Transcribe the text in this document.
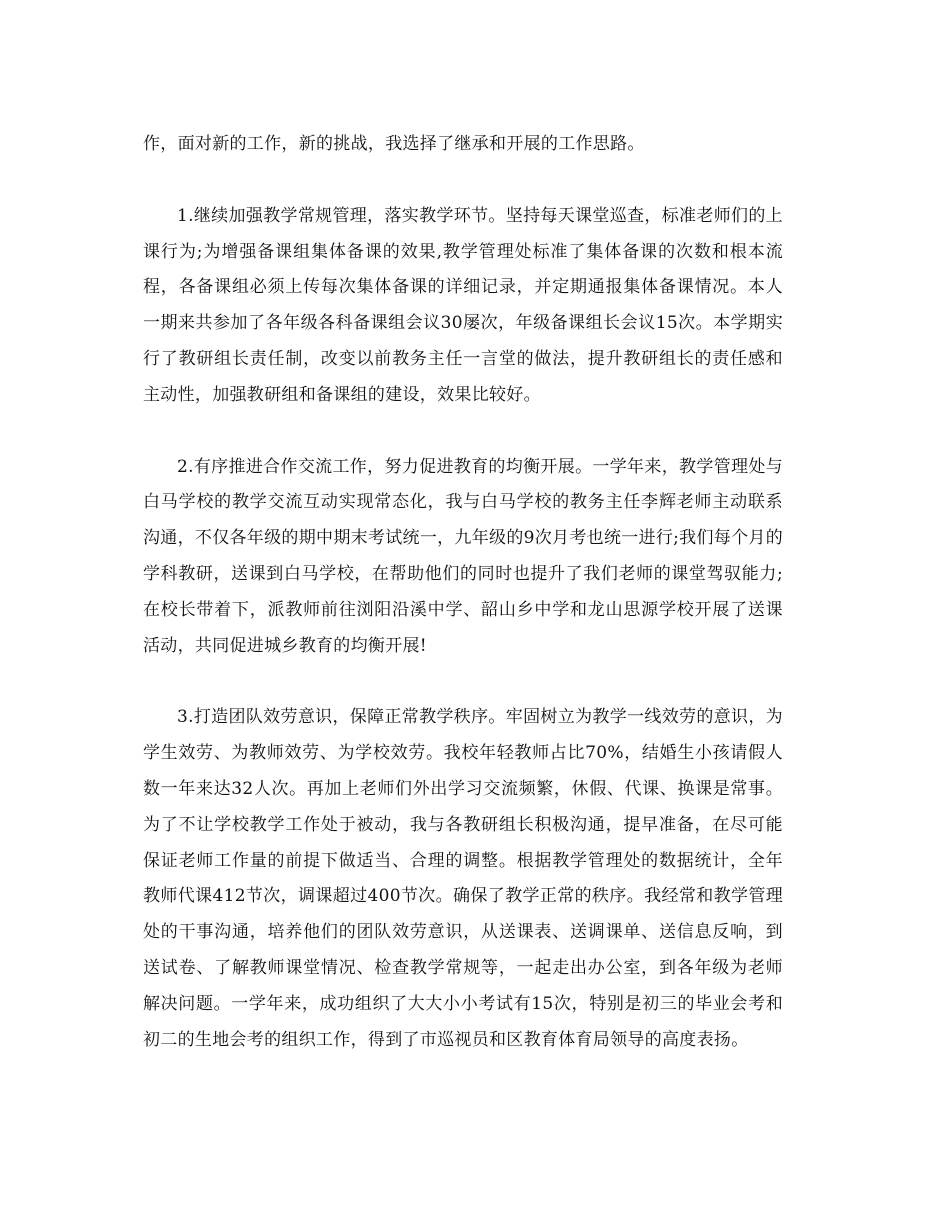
作，面对新的工作，新的挑战，我选择了继承和开展的工作思路。

1.继续加强教学常规管理，落实教学环节。坚持每天课堂巡查，标准老师们的上课行为;为增强备课组集体备课的效果,教学管理处标准了集体备课的次数和根本流程，各备课组必须上传每次集体备课的详细记录，并定期通报集体备课情况。本人一期来共参加了各年级各科备课组会议30屡次，年级备课组长会议15次。本学期实行了教研组长责任制，改变以前教务主任一言堂的做法，提升教研组长的责任感和主动性，加强教研组和备课组的建设，效果比较好。

2.有序推进合作交流工作，努力促进教育的均衡开展。一学年来，教学管理处与白马学校的教学交流互动实现常态化，我与白马学校的教务主任李辉老师主动联系沟通，不仅各年级的期中期末考试统一，九年级的9次月考也统一进行;我们每个月的学科教研，送课到白马学校，在帮助他们的同时也提升了我们老师的课堂驾驭能力;在校长带着下，派教师前往浏阳沿溪中学、韶山乡中学和龙山思源学校开展了送课活动，共同促进城乡教育的均衡开展!

3.打造团队效劳意识，保障正常教学秩序。牢固树立为教学一线效劳的意识，为学生效劳、为教师效劳、为学校效劳。我校年轻教师占比70%，结婚生小孩请假人数一年来达32人次。再加上老师们外出学习交流频繁，休假、代课、换课是常事。为了不让学校教学工作处于被动，我与各教研组长积极沟通，提早准备，在尽可能保证老师工作量的前提下做适当、合理的调整。根据教学管理处的数据统计，全年教师代课412节次，调课超过400节次。确保了教学正常的秩序。我经常和教学管理处的干事沟通，培养他们的团队效劳意识，从送课表、送调课单、送信息反响，到送试卷、了解教师课堂情况、检查教学常规等，一起走出办公室，到各年级为老师解决问题。一学年来，成功组织了大大小小考试有15次，特别是初三的毕业会考和初二的生地会考的组织工作，得到了市巡视员和区教育体育局领导的高度表扬。
